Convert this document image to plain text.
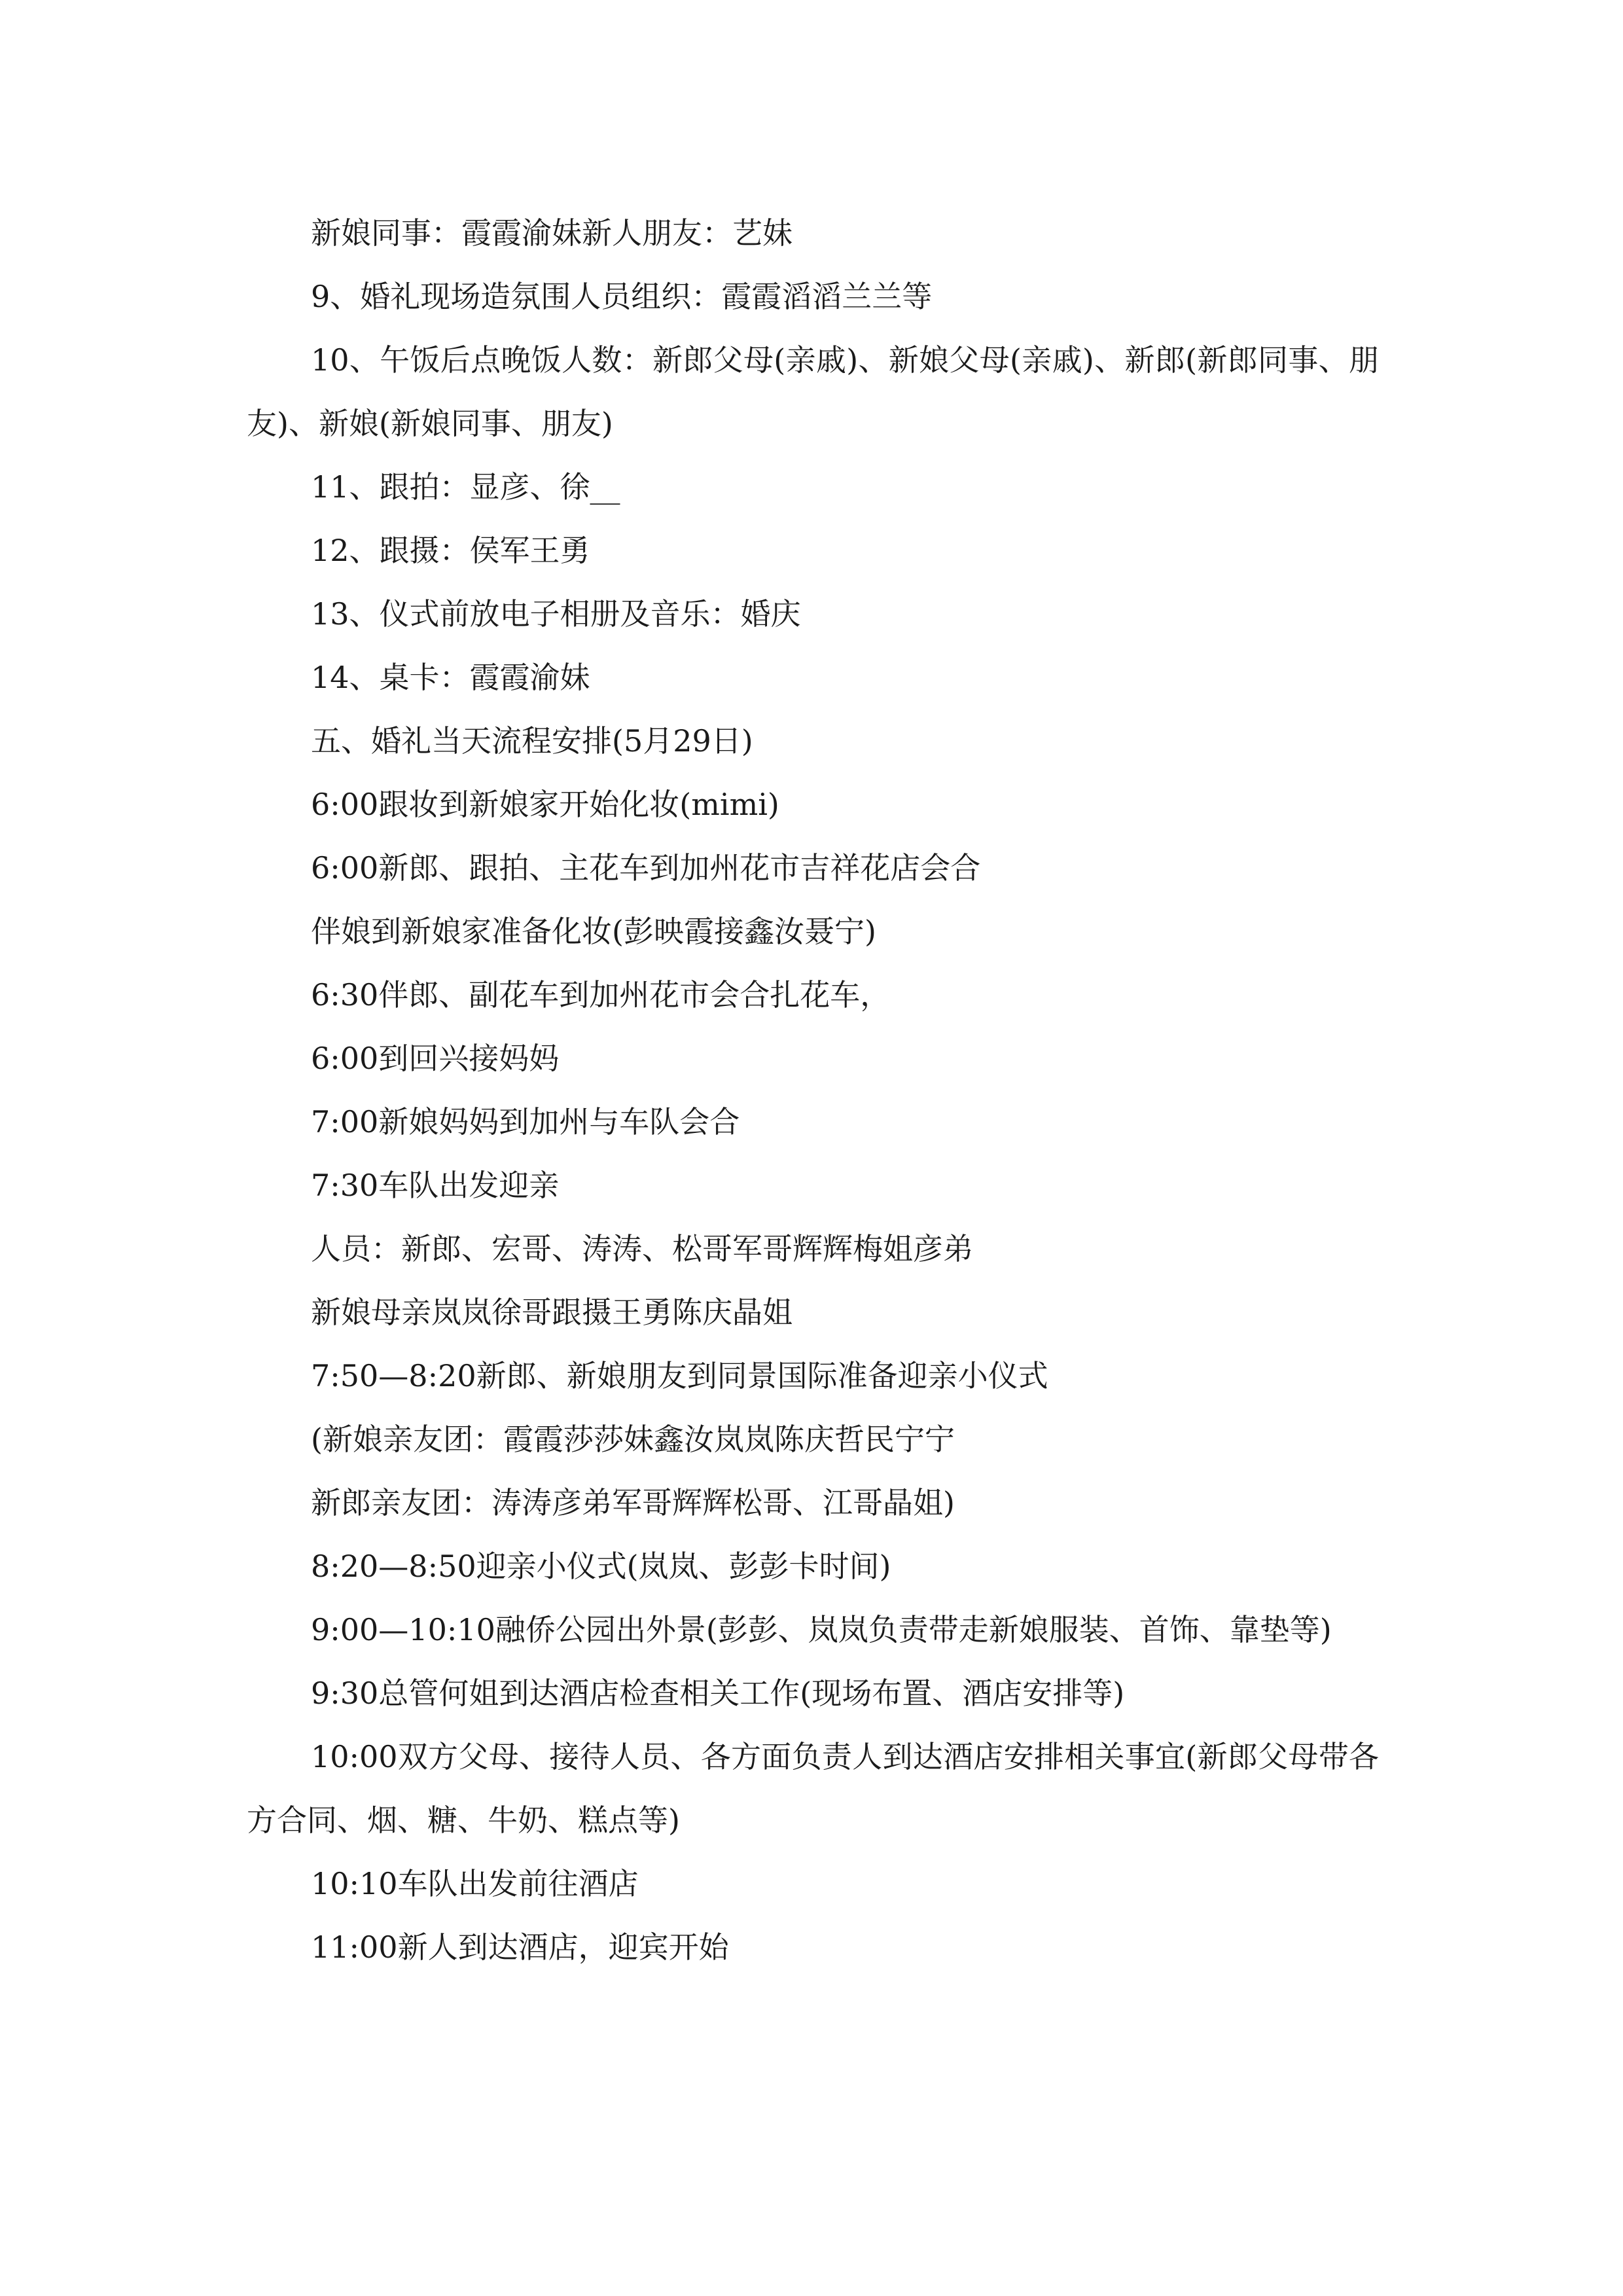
新娘同事：霞霞渝妹新人朋友：艺妹

9、婚礼现场造氛围人员组织：霞霞滔滔兰兰等

10、午饭后点晚饭人数：新郎父母(亲戚)、新娘父母(亲戚)、新郎(新郎同事、朋友)、新娘(新娘同事、朋友)

11、跟拍：显彦、徐__

12、跟摄：侯军王勇

13、仪式前放电子相册及音乐：婚庆

14、桌卡：霞霞渝妹

五、婚礼当天流程安排(5月29日)

6:00跟妆到新娘家开始化妆(mimi)

6:00新郎、跟拍、主花车到加州花市吉祥花店会合

伴娘到新娘家准备化妆(彭映霞接鑫汝聂宁)

6:30伴郎、副花车到加州花市会合扎花车，

6:00到回兴接妈妈

7:00新娘妈妈到加州与车队会合

7:30车队出发迎亲

人员：新郎、宏哥、涛涛、松哥军哥辉辉梅姐彦弟

新娘母亲岚岚徐哥跟摄王勇陈庆晶姐

7:50—8:20新郎、新娘朋友到同景国际准备迎亲小仪式

(新娘亲友团：霞霞莎莎妹鑫汝岚岚陈庆哲民宁宁

新郎亲友团：涛涛彦弟军哥辉辉松哥、江哥晶姐)

8:20—8:50迎亲小仪式(岚岚、彭彭卡时间)

9:00—10:10融侨公园出外景(彭彭、岚岚负责带走新娘服装、首饰、靠垫等)

9:30总管何姐到达酒店检查相关工作(现场布置、酒店安排等)

10:00双方父母、接待人员、各方面负责人到达酒店安排相关事宜(新郎父母带各方合同、烟、糖、牛奶、糕点等)

10:10车队出发前往酒店

11:00新人到达酒店，迎宾开始
